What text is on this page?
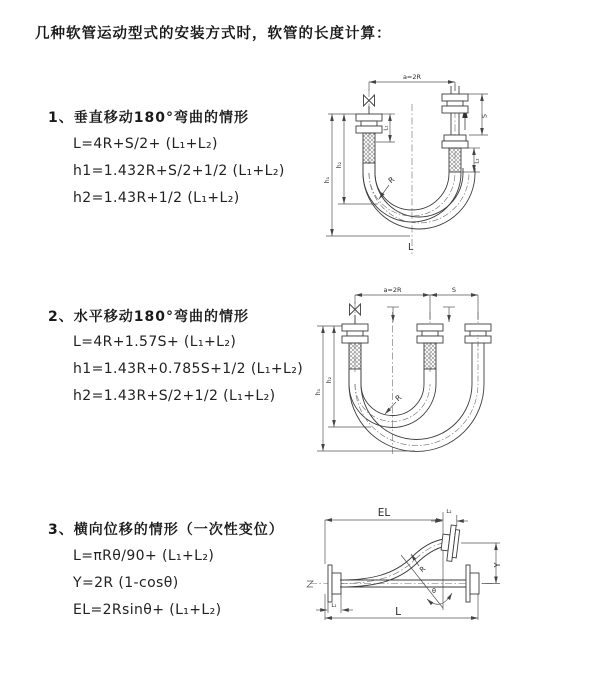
几种软管运动型式的安装方式时，软管的长度计算：
1、垂直移动180°弯曲的情形
L=4R+S/2+ (L₁+L₂)
h1=1.432R+S/2+1/2 (L₁+L₂)
h2=1.43R+1/2 (L₁+L₂)
2、水平移动180°弯曲的情形
L=4R+1.57S+ (L₁+L₂)
h1=1.43R+0.785S+1/2 (L₁+L₂)
h2=1.43R+S/2+1/2 (L₁+L₂)
3、横向位移的情形（一次性变位）
L=πRθ/90+ (L₁+L₂)
Y=2R (1-cosθ)
EL=2Rsinθ+ (L₁+L₂)
a=2R
h₁
h₂
L₁
S
L₂
R
L
a=2R	S
h₁
h₂
R
EL	L₂
Y
L
L₁
R
θ
